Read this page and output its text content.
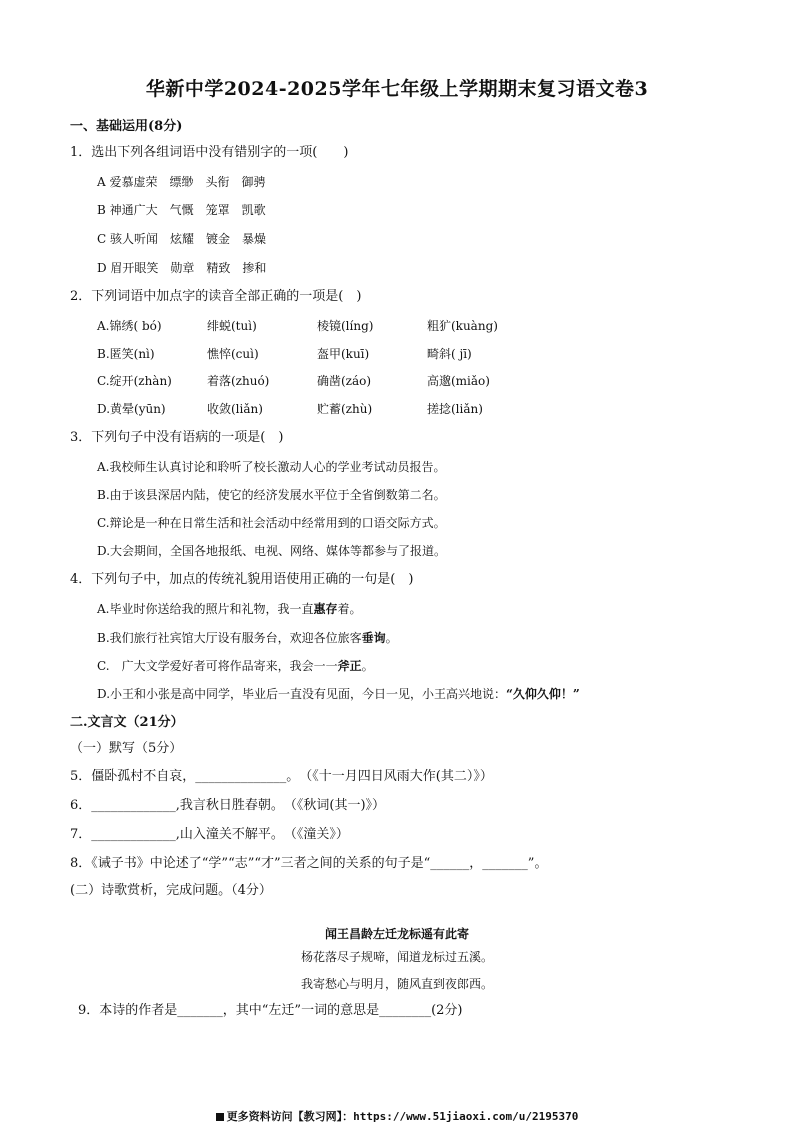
华新中学2024-2025学年七年级上学期期末复习语文卷3
一、基础运用(8分)
1．选出下列各组词语中没有错别字的一项(　　)
A 爱慕虚荣　缥缈　头衔　御骋
B 神通广大　气慨　笼罩　凯歌
C 骇人听闻　炫耀　镀金　暴燥
D 眉开眼笑　勋章　精致　掺和
2．下列词语中加点字的读音全部正确的一项是(　)
A.锦绣( bó)	绯蜕(tuì)	棱镜(líng)	粗犷(kuàng)
B.匿笑(nì)	憔悴(cuì)	盔甲(kuī)	畸斜( jī)
C.绽开(zhàn)	着落(zhuó)	确凿(záo)	高邈(miǎo)
D.黄晕(yūn)	收敛(liǎn)	贮蓄(zhù)	搓捻(liǎn)
3．下列句子中没有语病的一项是(　)
A.我校师生认真讨论和聆听了校长激动人心的学业考试动员报告。
B.由于该县深居内陆，使它的经济发展水平位于全省倒数第二名。
C.辩论是一种在日常生活和社会活动中经常用到的口语交际方式。
D.大会期间，全国各地报纸、电视、网络、媒体等都参与了报道。
4．下列句子中，加点的传统礼貌用语使用正确的一句是(　)
A.毕业时你送给我的照片和礼物，我一直惠存着。
B.我们旅行社宾馆大厅设有服务台，欢迎各位旅客垂询。
C.　广大文学爱好者可将作品寄来，我会一一斧正。
D.小王和小张是高中同学，毕业后一直没有见面，今日一见，小王高兴地说：“久仰久仰！”
二.文言文（21分）
（一）默写（5分）
5．僵卧孤村不自哀，______________。　（《十一月四日风雨大作(其二）》）
6．_____________,我言秋日胜春朝。　（《秋词(其一)》）
7．_____________,山入潼关不解平。　（《潼关》）
8．《诫子书》中论述了“学”“志”“才”三者之间的关系的句子是“______，_______”。
(二）诗歌赏析，完成问题。（4分）
闻王昌龄左迁龙标遥有此寄
杨花落尽子规啼，闻道龙标过五溪。
我寄愁心与明月，随风直到夜郎西。
9．本诗的作者是_______，其中“左迁”一词的意思是________(2分)
更多资料访问【教习网】：https://www.51jiaoxi.com/u/2195370
